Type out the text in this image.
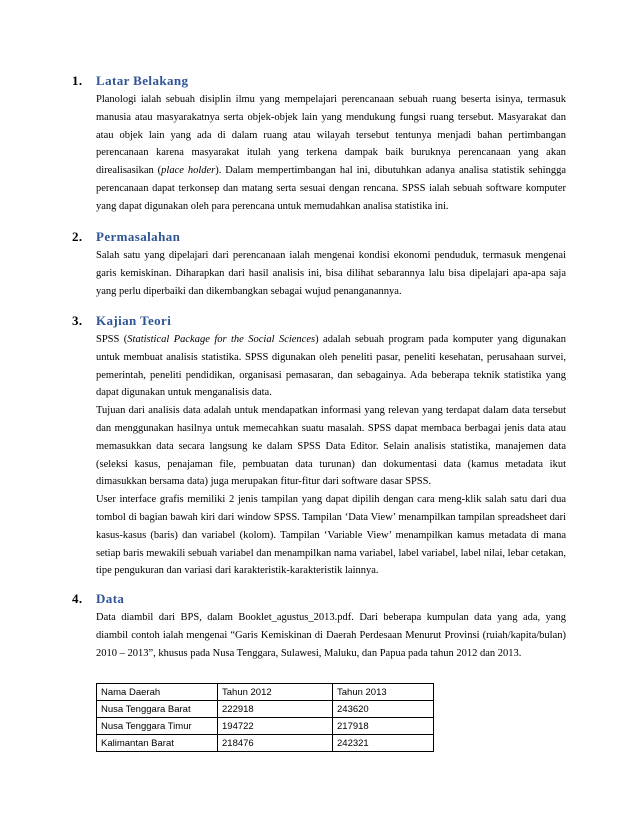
1.	Latar Belakang

Planologi ialah sebuah disiplin ilmu yang mempelajari perencanaan sebuah ruang beserta isinya, termasuk manusia atau masyarakatnya serta objek-objek lain yang mendukung fungsi ruang tersebut. Masyarakat dan atau objek lain yang ada di dalam ruang atau wilayah tersebut tentunya menjadi bahan pertimbangan perencanaan karena masyarakat itulah yang terkena dampak baik buruknya perencanaan yang akan direalisasikan (place holder). Dalam mempertimbangan hal ini, dibutuhkan adanya analisa statistik sehingga perencanaan dapat terkonsep dan matang serta sesuai dengan rencana. SPSS ialah sebuah software komputer yang dapat digunakan oleh para perencana untuk memudahkan analisa statistika ini.

2.	Permasalahan

Salah satu yang dipelajari dari perencanaan ialah mengenai kondisi ekonomi penduduk, termasuk mengenai garis kemiskinan. Diharapkan dari hasil analisis ini, bisa dilihat sebarannya lalu bisa dipelajari apa-apa saja yang perlu diperbaiki dan dikembangkan sebagai wujud penanganannya.

3.	Kajian Teori

SPSS (Statistical Package for the Social Sciences) adalah sebuah program pada komputer yang digunakan untuk membuat analisis statistika. SPSS digunakan oleh peneliti pasar, peneliti kesehatan, perusahaan survei, pemerintah, peneliti pendidikan, organisasi pemasaran, dan sebagainya. Ada beberapa teknik statistika yang dapat digunakan untuk menganalisis data.

Tujuan dari analisis data adalah untuk mendapatkan informasi yang relevan yang terdapat dalam data tersebut dan menggunakan hasilnya untuk memecahkan suatu masalah. SPSS dapat membaca berbagai jenis data atau memasukkan data secara langsung ke dalam SPSS Data Editor. Selain analisis statistika, manajemen data (seleksi kasus, penajaman file, pembuatan data turunan) dan dokumentasi data (kamus metadata ikut dimasukkan bersama data) juga merupakan fitur-fitur dari software dasar SPSS.

User interface grafis memiliki 2 jenis tampilan yang dapat dipilih dengan cara meng-klik salah satu dari dua tombol di bagian bawah kiri dari window SPSS. Tampilan ‘Data View’ menampilkan tampilan spreadsheet dari kasus-kasus (baris) dan variabel (kolom). Tampilan ‘Variable View’ menampilkan kamus metadata di mana setiap baris mewakili sebuah variabel dan menampilkan nama variabel, label variabel, label nilai, lebar cetakan, tipe pengukuran dan variasi dari karakteristik-karakteristik lainnya.

4.	Data

Data diambil dari BPS, dalam Booklet_agustus_2013.pdf. Dari beberapa kumpulan data yang ada, yang diambil contoh ialah mengenai “Garis Kemiskinan di Daerah Perdesaan Menurut Provinsi (ruiah/kapita/bulan) 2010 – 2013”, khusus pada Nusa Tenggara, Sulawesi, Maluku, dan Papua pada tahun 2012 dan 2013.

Nama Daerah	Tahun 2012	Tahun 2013
Nusa Tenggara Barat	222918	243620
Nusa Tenggara Timur	194722	217918
Kalimantan Barat	218476	242321
